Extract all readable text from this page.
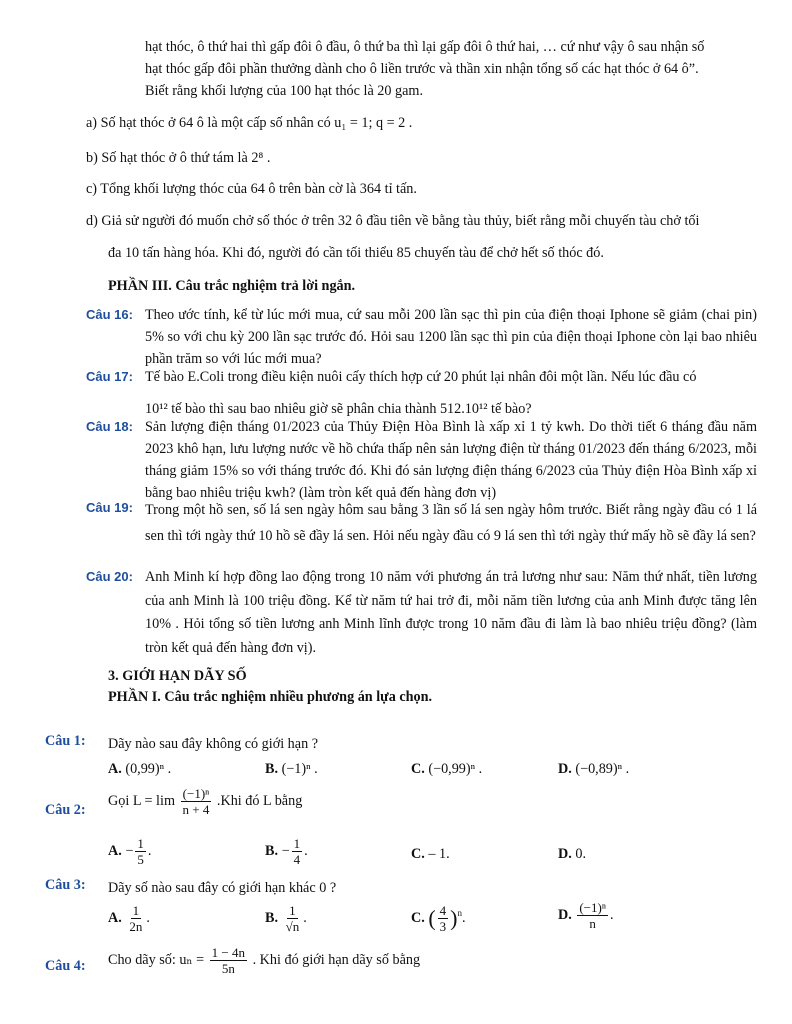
hạt thóc, ô thứ hai thì gấp đôi ô đầu, ô thứ ba thì lại gấp đôi ô thứ hai, … cứ như vậy ô sau nhận số
hạt thóc gấp đôi phần thưởng dành cho ô liền trước và thần xin nhận tổng số các hạt thóc ở 64 ô”.
Biết rằng khối lượng của 100 hạt thóc là 20 gam.
a) Số hạt thóc ở 64 ô là một cấp số nhân có u₁ = 1; q = 2 .
b) Số hạt thóc ở ô thứ tám là 2⁸ .
c) Tổng khối lượng thóc của 64 ô trên bàn cờ là 364 tỉ tấn.
d) Giả sử người đó muốn chở số thóc ở trên 32 ô đầu tiên về bằng tàu thủy, biết rằng mỗi chuyến tàu chở tối
đa 10 tấn hàng hóa. Khi đó, người đó cần tối thiểu 85 chuyến tàu để chở hết số thóc đó.
PHẦN III. Câu trắc nghiệm trả lời ngắn.
Câu 16: Theo ước tính, kể từ lúc mới mua, cứ sau mỗi 200 lần sạc thì pin của điện thoại Iphone sẽ giảm (chai pin) 5% so với chu kỳ 200 lần sạc trước đó. Hỏi sau 1200 lần sạc thì pin của điện thoại Iphone còn lại bao nhiêu phần trăm so với lúc mới mua?
Câu 17: Tế bào E.Coli trong điều kiện nuôi cấy thích hợp cứ 20 phút lại nhân đôi một lần. Nếu lúc đầu có
10¹² tế bào thì sau bao nhiêu giờ sẽ phân chia thành 512.10¹² tế bào?
Câu 18: Sản lượng điện tháng 01/2023 của Thủy Điện Hòa Bình là xấp xỉ 1 tỷ kwh. Do thời tiết 6 tháng đầu năm 2023 khô hạn, lưu lượng nước về hồ chứa thấp nên sản lượng điện từ tháng 01/2023 đến tháng 6/2023, mỗi tháng giảm 15% so với tháng trước đó. Khi đó sản lượng điện tháng 6/2023 của Thủy điện Hòa Bình xấp xỉ bằng bao nhiêu triệu kwh? (làm tròn kết quả đến hàng đơn vị)
Câu 19: Trong một hồ sen, số lá sen ngày hôm sau bằng 3 lần số lá sen ngày hôm trước. Biết rằng ngày đầu có 1 lá sen thì tới ngày thứ 10 hồ sẽ đầy lá sen. Hỏi nếu ngày đầu có 9 lá sen thì tới ngày thứ mấy hồ sẽ đầy lá sen?
Câu 20: Anh Minh kí hợp đồng lao động trong 10 năm với phương án trả lương như sau: Năm thứ nhất, tiền lương của anh Minh là 100 triệu đồng. Kể từ năm tứ hai trở đi, mỗi năm tiền lương của anh Minh được tăng lên 10% . Hỏi tổng số tiền lương anh Minh lĩnh được trong 10 năm đầu đi làm là bao nhiêu triệu đồng? (làm tròn kết quả đến hàng đơn vị).
3. GIỚI HẠN DÃY SỐ
PHẦN I. Câu trắc nghiệm nhiều phương án lựa chọn.
Câu 1: Dãy nào sau đây không có giới hạn ?
A. (0,99)ⁿ .	B. (−1)ⁿ .	C. (−0,99)ⁿ .	D. (−0,89)ⁿ .
Câu 2:
Gọi $L = \lim \frac{\text{(−1)ⁿ}}{n + 4} .Khi$ đó L bằng
A. − $\frac{1}{5}$ .	B. − $\frac{1}{4}$ .	C. – 1.	D. 0.
Câu 3: Dãy số nào sau đây có giới hạn khác 0 ?
A. $\frac{1}{2n}$ .	B. $\frac{1}{√n}$ .	C. ( $\frac{4}{3} )^n$.	D. $\frac{\text{(−1)ⁿ}}{n}$ .
Câu 4: Cho dãy số: $u_n = \frac{1 - 4n}{5n}$ . Khi đó giới hạn dãy số bằng
